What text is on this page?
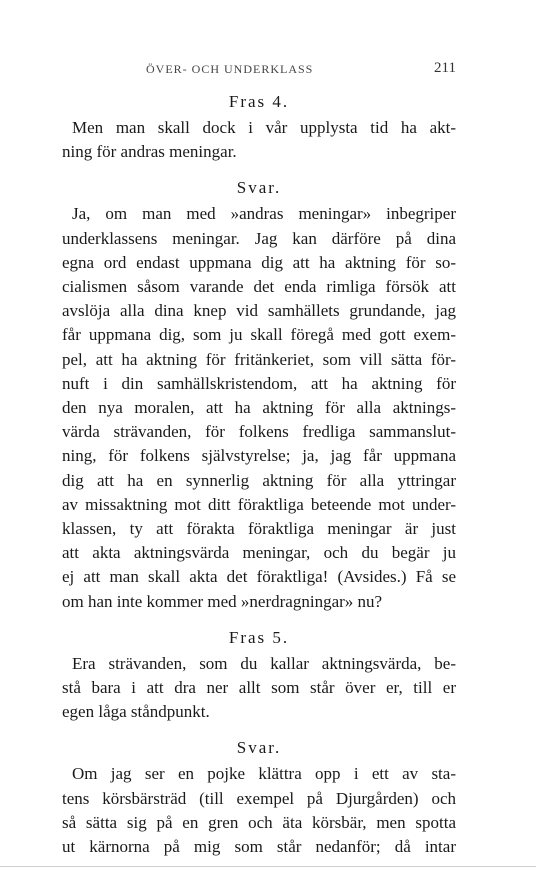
ÖVER- OCH UNDERKLASS	211

Fras 4.

Men man skall dock i vår upplysta tid ha akt-
ning för andras meningar.

Svar.

Ja, om man med »andras meningar» inbegriper
underklassens meningar. Jag kan därföre på dina
egna ord endast uppmana dig att ha aktning för so-
cialismen såsom varande det enda rimliga försök att
avslöja alla dina knep vid samhällets grundande, jag
får uppmana dig, som ju skall föregå med gott exem-
pel, att ha aktning för fritänkeriet, som vill sätta för-
nuft i din samhällskristendom, att ha aktning för
den nya moralen, att ha aktning för alla aktnings-
värda strävanden, för folkens fredliga sammanslut-
ning, för folkens självstyrelse; ja, jag får uppmana
dig att ha en synnerlig aktning för alla yttringar
av missaktning mot ditt föraktliga beteende mot under-
klassen, ty att förakta föraktliga meningar är just
att akta aktningsvärda meningar, och du begär ju
ej att man skall akta det föraktliga! (Avsides.) Få se
om han inte kommer med »nerdragningar» nu?

Fras 5.

Era strävanden, som du kallar aktningsvärda, be-
stå bara i att dra ner allt som står över er, till er
egen låga ståndpunkt.

Svar.

Om jag ser en pojke klättra opp i ett av sta-
tens körsbärsträd (till exempel på Djurgården) och
så sätta sig på en gren och äta körsbär, men spotta
ut kärnorna på mig som står nedanför; då intar
